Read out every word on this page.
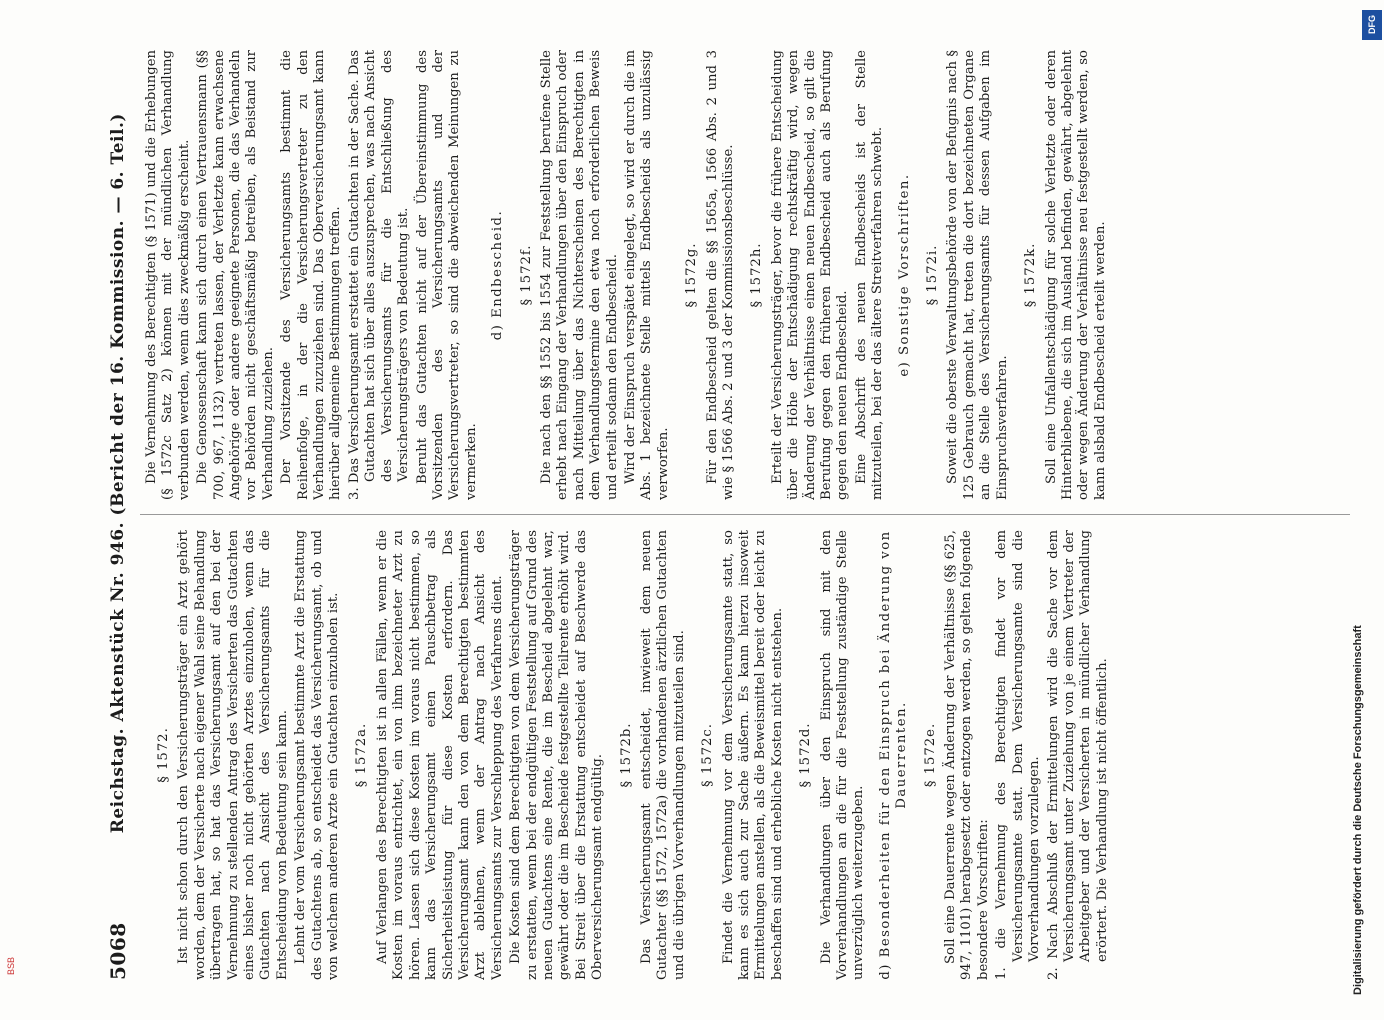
5068
Reichstag. Aktenstück Nr. 946. (Bericht der 16. Kommission. — 6. Teil.) § 1572. Ist nicht schon durch den Versicherungsträger ein Arzt gehört worden, dem der Versicherte nach eigener Wahl seine Behandlung übertragen hat, so hat das Versicherungsamt auf den bei der Vernehmung zu stellenden Antrag des Versicherten das Gutachten eines bisher noch nicht gehörten Arztes einzuholen, wenn das Gutachten nach Ansicht des Versicherungsamts für die Entscheidung von Bedeutung sein kann. Lehnt der vom Versicherungsamt bestimmte Arzt die Erstattung des Gutachtens ab, so entscheidet das Versicherungsamt, ob und von welchem anderen Arzte ein Gutachten einzuholen ist. § 1572a. Auf Verlangen des Berechtigten ist in allen Fällen, wenn er die Kosten im voraus entrichtet, ein von ihm bezeichneter Arzt zu hören. Lassen sich diese Kosten im voraus nicht bestimmen, so kann das Versicherungsamt einen Pauschbetrag als Sicherheitsleistung für diese Kosten erfordern. Das Versicherungsamt kann den von dem Berechtigten bestimmten Arzt ablehnen, wenn der Antrag nach Ansicht des Versicherungsamts zur Verschleppung des Verfahrens dient. Die Kosten sind dem Berechtigten von dem Versicherungsträger zu erstatten, wenn bei der endgültigen Feststellung auf Grund des neuen Gutachtens eine Rente, die im Bescheid abgelehnt war, gewährt oder die im Bescheide festgestellte Teilrente erhöht wird. Bei Streit über die Erstattung entscheidet auf Beschwerde das Oberversicherungsamt endgültig. § 1572b. Das Versicherungsamt entscheidet, inwieweit dem neuen Gutachter (§§ 1572, 1572a) die vorhandenen ärztlichen Gutachten und die übrigen Vorverhandlungen mitzuteilen sind. § 1572c. Findet die Vernehmung vor dem Versicherungsamte statt, so kann es sich auch zur Sache äußern. Es kann hierzu insoweit Ermittelungen anstellen, als die Beweismittel bereit oder leicht zu beschaffen sind und erhebliche Kosten nicht entstehen. § 1572d. Die Verhandlungen über den Einspruch sind mit den Vorverhandlungen an die für die Feststellung zuständige Stelle unverzüglich weiterzugeben. d) Besonderheiten für den Einspruch bei Änderung von Dauerrenten. § 1572e. Soll eine Dauerrente wegen Änderung der Verhältnisse (§§ 625, 947, 1101) herabgesetzt oder entzogen werden, so gelten folgende besondere Vorschriften: 1. die Vernehmung des Berechtigten findet vor dem Versicherungsamte statt. Dem Versicherungsamte sind die Vorverhandlungen vorzulegen. 2. Nach Abschluß der Ermittelungen wird die Sache vor dem Versicherungsamt unter Zuziehung von je einem Vertreter der Arbeitgeber und der Versicherten in mündlicher Verhandlung erörtert. Die Verhandlung ist nicht öffentlich.
Die Vernehmung des Berechtigten (§ 1571) und die Erhebungen (§ 1572c Satz 2) können mit der mündlichen Verhandlung verbunden werden, wenn dies zweckmäßig erscheint. Die Genossenschaft kann sich durch einen Vertrauensmann (§§ 700, 967, 1132) vertreten lassen, der Verletzte kann erwachsene Angehörige oder andere geeignete Personen, die das Verhandeln vor Behörden nicht geschäftsmäßig betreiben, als Beistand zur Verhandlung zuziehen. Der Vorsitzende des Versicherungsamts bestimmt die Reihenfolge, in der die Versicherungsvertreter zu den Verhandlungen zuzuziehen sind. Das Oberversicherungsamt kann hierüber allgemeine Bestimmungen treffen. 3. Das Versicherungsamt erstattet ein Gutachten in der Sache. Das Gutachten hat sich über alles auszusprechen, was nach Ansicht des Versicherungsamts für die Entschließung des Versicherungsträgers von Bedeutung ist. Beruht das Gutachten nicht auf der Übereinstimmung des Vorsitzenden des Versicherungsamts und der Versicherungsvertreter, so sind die abweichenden Meinungen zu vermerken.
d) Endbescheid. § 1572f. Die nach den §§ 1552 bis 1554 zur Feststellung berufene Stelle erhebt nach Eingang der Verhandlungen über den Einspruch oder nach Mitteilung über das Nichterscheinen des Berechtigten in dem Verhandlungstermine den etwa noch erforderlichen Beweis und erteilt sodann den Endbescheid. Wird der Einspruch verspätet eingelegt, so wird er durch die im Abs. 1 bezeichnete Stelle mittels Endbescheids als unzulässig verworfen.
§ 1572g. Für den Endbescheid gelten die §§ 1565a, 1566 Abs. 2 und 3 wie § 1566 Abs. 2 und 3 der Kommissionsbeschlüsse. § 1572h. Erteilt der Versicherungsträger, bevor die frühere Entscheidung über die Höhe der Entschädigung rechtskräftig wird, wegen Änderung der Verhältnisse einen neuen Endbescheid, so gilt die Berufung gegen den früheren Endbescheid auch als Berufung gegen den neuen Endbescheid. Eine Abschrift des neuen Endbescheids ist der Stelle mitzuteilen, bei der das ältere Streitverfahren schwebt. e) Sonstige Vorschriften. § 1572i. Soweit die oberste Verwaltungsbehörde von der Befugnis nach § 125 Gebrauch gemacht hat, treten die dort bezeichneten Organe an die Stelle des Versicherungsamts für dessen Aufgaben im Einspruchsverfahren.
§ 1572k. Soll eine Unfallentschädigung für solche Verletzte oder deren Hinterbliebene, die sich im Ausland befinden, gewährt, abgelehnt oder wegen Änderung der Verhältnisse neu festgestellt werden, so kann alsbald Endbescheid erteilt werden.
DFG
Digitalisierung gefördert durch die Deutsche Forschungsgemeinschaft
BSB
